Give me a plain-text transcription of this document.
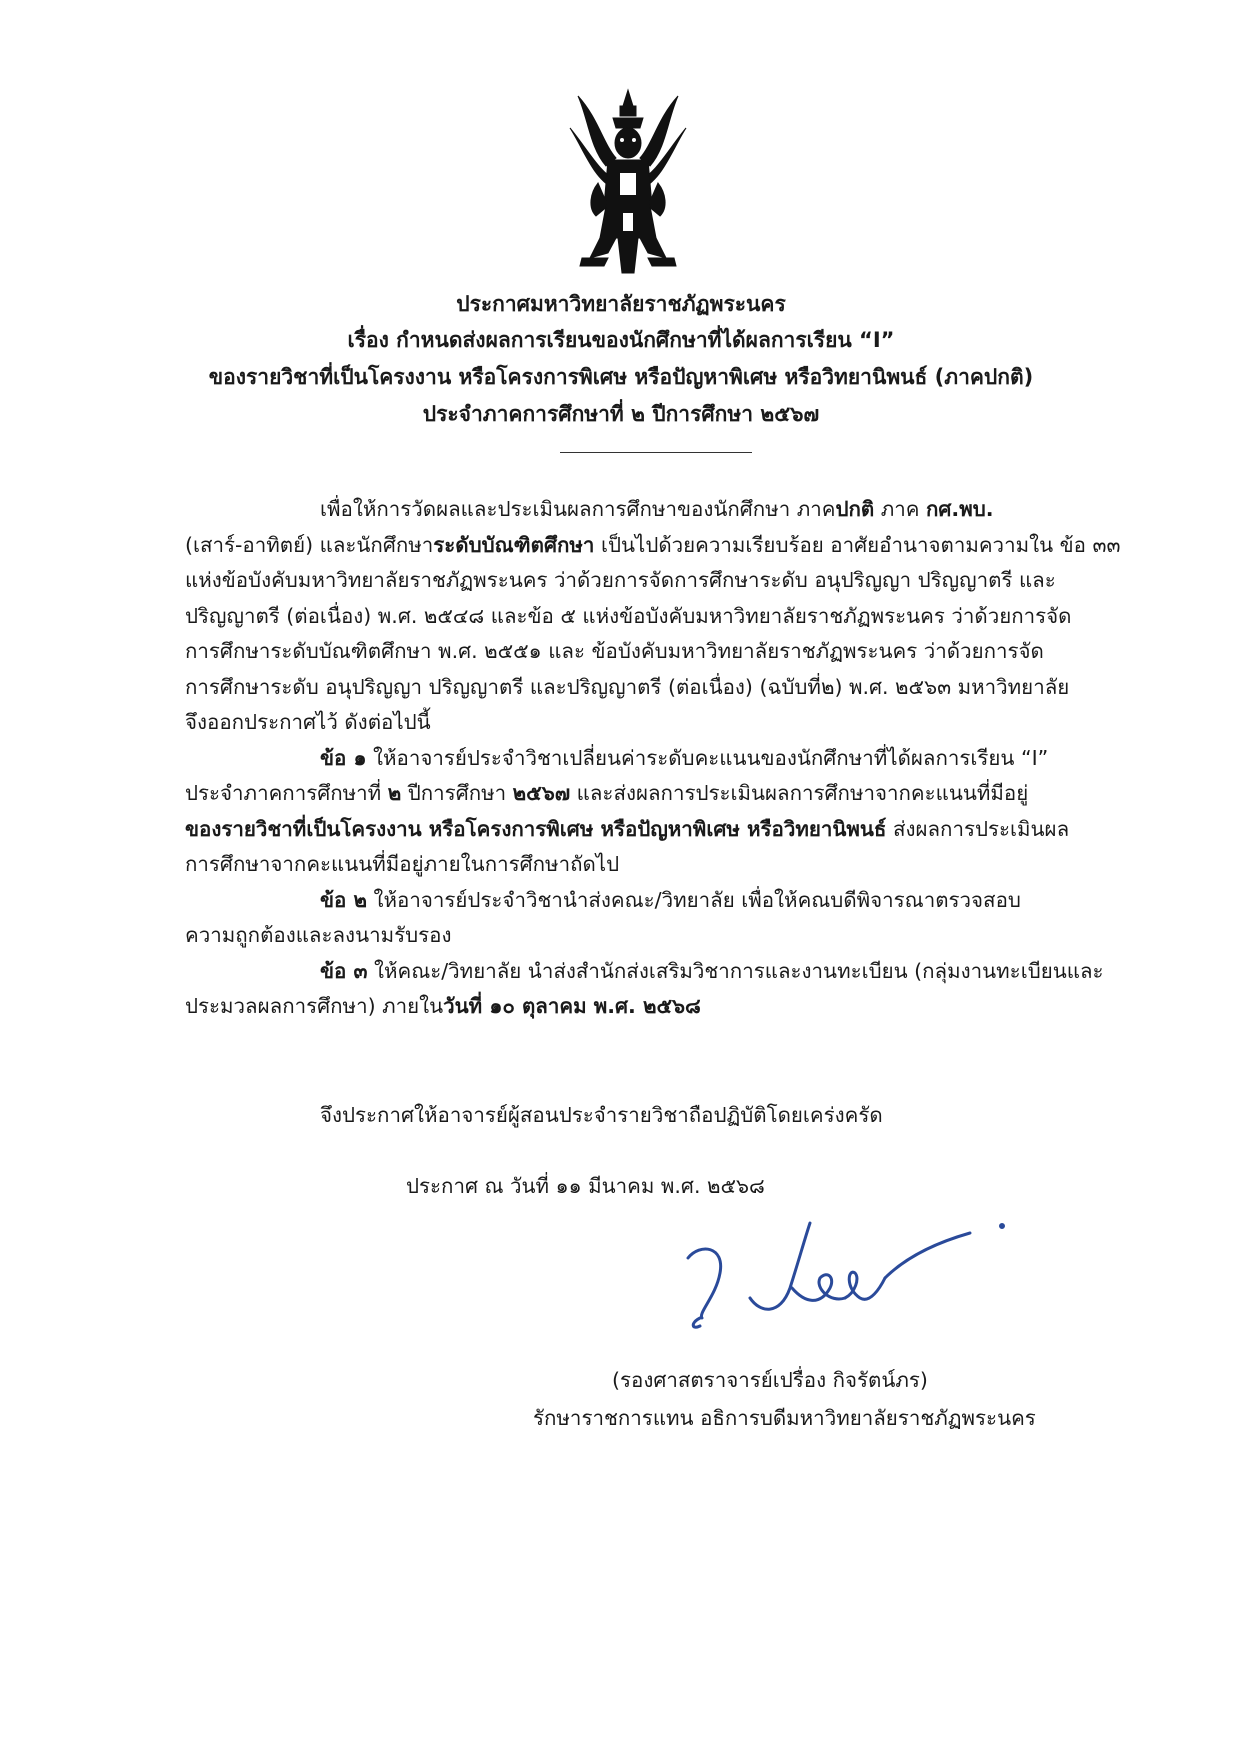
ประกาศมหาวิทยาลัยราชภัฏพระนคร
เรื่อง กำหนดส่งผลการเรียนของนักศึกษาที่ได้ผลการเรียน “I”
ของรายวิชาที่เป็นโครงงาน หรือโครงการพิเศษ หรือปัญหาพิเศษ หรือวิทยานิพนธ์ (ภาคปกติ)
ประจำภาคการศึกษาที่ ๒ ปีการศึกษา ๒๕๖๗
เพื่อให้การวัดผลและประเมินผลการศึกษาของนักศึกษา ภาคปกติ ภาค กศ.พบ.
(เสาร์-อาทิตย์) และนักศึกษาระดับบัณฑิตศึกษา เป็นไปด้วยความเรียบร้อย อาศัยอำนาจตามความใน ข้อ ๓๓
แห่งข้อบังคับมหาวิทยาลัยราชภัฏพระนคร ว่าด้วยการจัดการศึกษาระดับ อนุปริญญา ปริญญาตรี และ
ปริญญาตรี (ต่อเนื่อง) พ.ศ. ๒๕๔๘ และข้อ ๕ แห่งข้อบังคับมหาวิทยาลัยราชภัฏพระนคร ว่าด้วยการจัด
การศึกษาระดับบัณฑิตศึกษา พ.ศ. ๒๕๕๑ และ ข้อบังคับมหาวิทยาลัยราชภัฏพระนคร ว่าด้วยการจัด
การศึกษาระดับ อนุปริญญา ปริญญาตรี และปริญญาตรี (ต่อเนื่อง) (ฉบับที่๒) พ.ศ. ๒๕๖๓ มหาวิทยาลัย
จึงออกประกาศไว้ ดังต่อไปนี้
ข้อ ๑ ให้อาจารย์ประจำวิชาเปลี่ยนค่าระดับคะแนนของนักศึกษาที่ได้ผลการเรียน “I”
ประจำภาคการศึกษาที่ ๒ ปีการศึกษา ๒๕๖๗ และส่งผลการประเมินผลการศึกษาจากคะแนนที่มีอยู่
ของรายวิชาที่เป็นโครงงาน หรือโครงการพิเศษ หรือปัญหาพิเศษ หรือวิทยานิพนธ์ ส่งผลการประเมินผล
การศึกษาจากคะแนนที่มีอยู่ภายในการศึกษาถัดไป
ข้อ ๒ ให้อาจารย์ประจำวิชานำส่งคณะ/วิทยาลัย เพื่อให้คณบดีพิจารณาตรวจสอบ
ความถูกต้องและลงนามรับรอง
ข้อ ๓ ให้คณะ/วิทยาลัย นำส่งสำนักส่งเสริมวิชาการและงานทะเบียน (กลุ่มงานทะเบียนและ
ประมวลผลการศึกษา) ภายในวันที่ ๑๐ ตุลาคม พ.ศ. ๒๕๖๘
จึงประกาศให้อาจารย์ผู้สอนประจำรายวิชาถือปฏิบัติโดยเคร่งครัด
ประกาศ ณ วันที่ ๑๑ มีนาคม พ.ศ. ๒๕๖๘
(รองศาสตราจารย์เปรื่อง กิจรัตน์ภร)
รักษาราชการแทน อธิการบดีมหาวิทยาลัยราชภัฏพระนคร
